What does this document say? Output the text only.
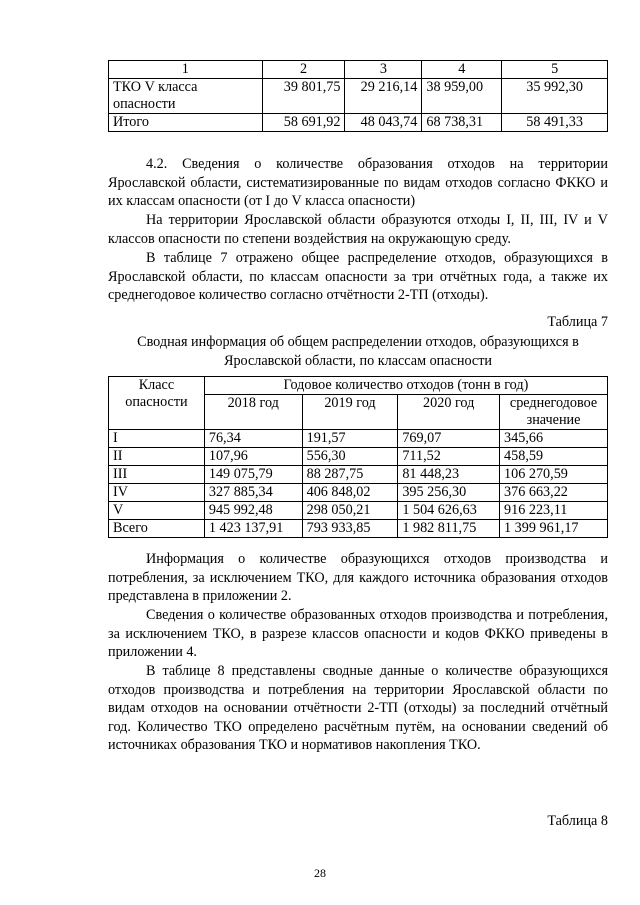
1	2	3	4	5
ТКО V класса опасности	39 801,75	29 216,14	38 959,00	35 992,30
Итого	58 691,92	48 043,74	68 738,31	58 491,33

4.2. Сведения о количестве образования отходов на территории Ярославской области, систематизированные по видам отходов согласно ФККО и их классам опасности (от I до V класса опасности)

На территории Ярославской области образуются отходы I, II, III, IV и V классов опасности по степени воздействия на окружающую среду.

В таблице 7 отражено общее распределение отходов, образующихся в Ярославской области, по классам опасности за три отчётных года, а также их среднегодовое количество согласно отчётности 2-ТП (отходы).

Таблица 7
Сводная информация об общем распределении отходов, образующихся в Ярославской области, по классам опасности
Класс опасности	Годовое количество отходов (тонн в год)			
	2018 год	2019 год	2020 год	среднегодовое значение
I	76,34	191,57	769,07	345,66
II	107,96	556,30	711,52	458,59
III	149 075,79	88 287,75	81 448,23	106 270,59
IV	327 885,34	406 848,02	395 256,30	376 663,22
V	945 992,48	298 050,21	1 504 626,63	916 223,11
Всего	1 423 137,91	793 933,85	1 982 811,75	1 399 961,17

Информация о количестве образующихся отходов производства и потребления, за исключением ТКО, для каждого источника образования отходов представлена в приложении 2.

Сведения о количестве образованных отходов производства и потребления, за исключением ТКО, в разрезе классов опасности и кодов ФККО приведены в приложении 4.

В таблице 8 представлены сводные данные о количестве образующихся отходов производства и потребления на территории Ярославской области по видам отходов на основании отчётности 2-ТП (отходы) за последний отчётный год. Количество ТКО определено расчётным путём, на основании сведений об источниках образования ТКО и нормативов накопления ТКО.

Таблица 8
28
